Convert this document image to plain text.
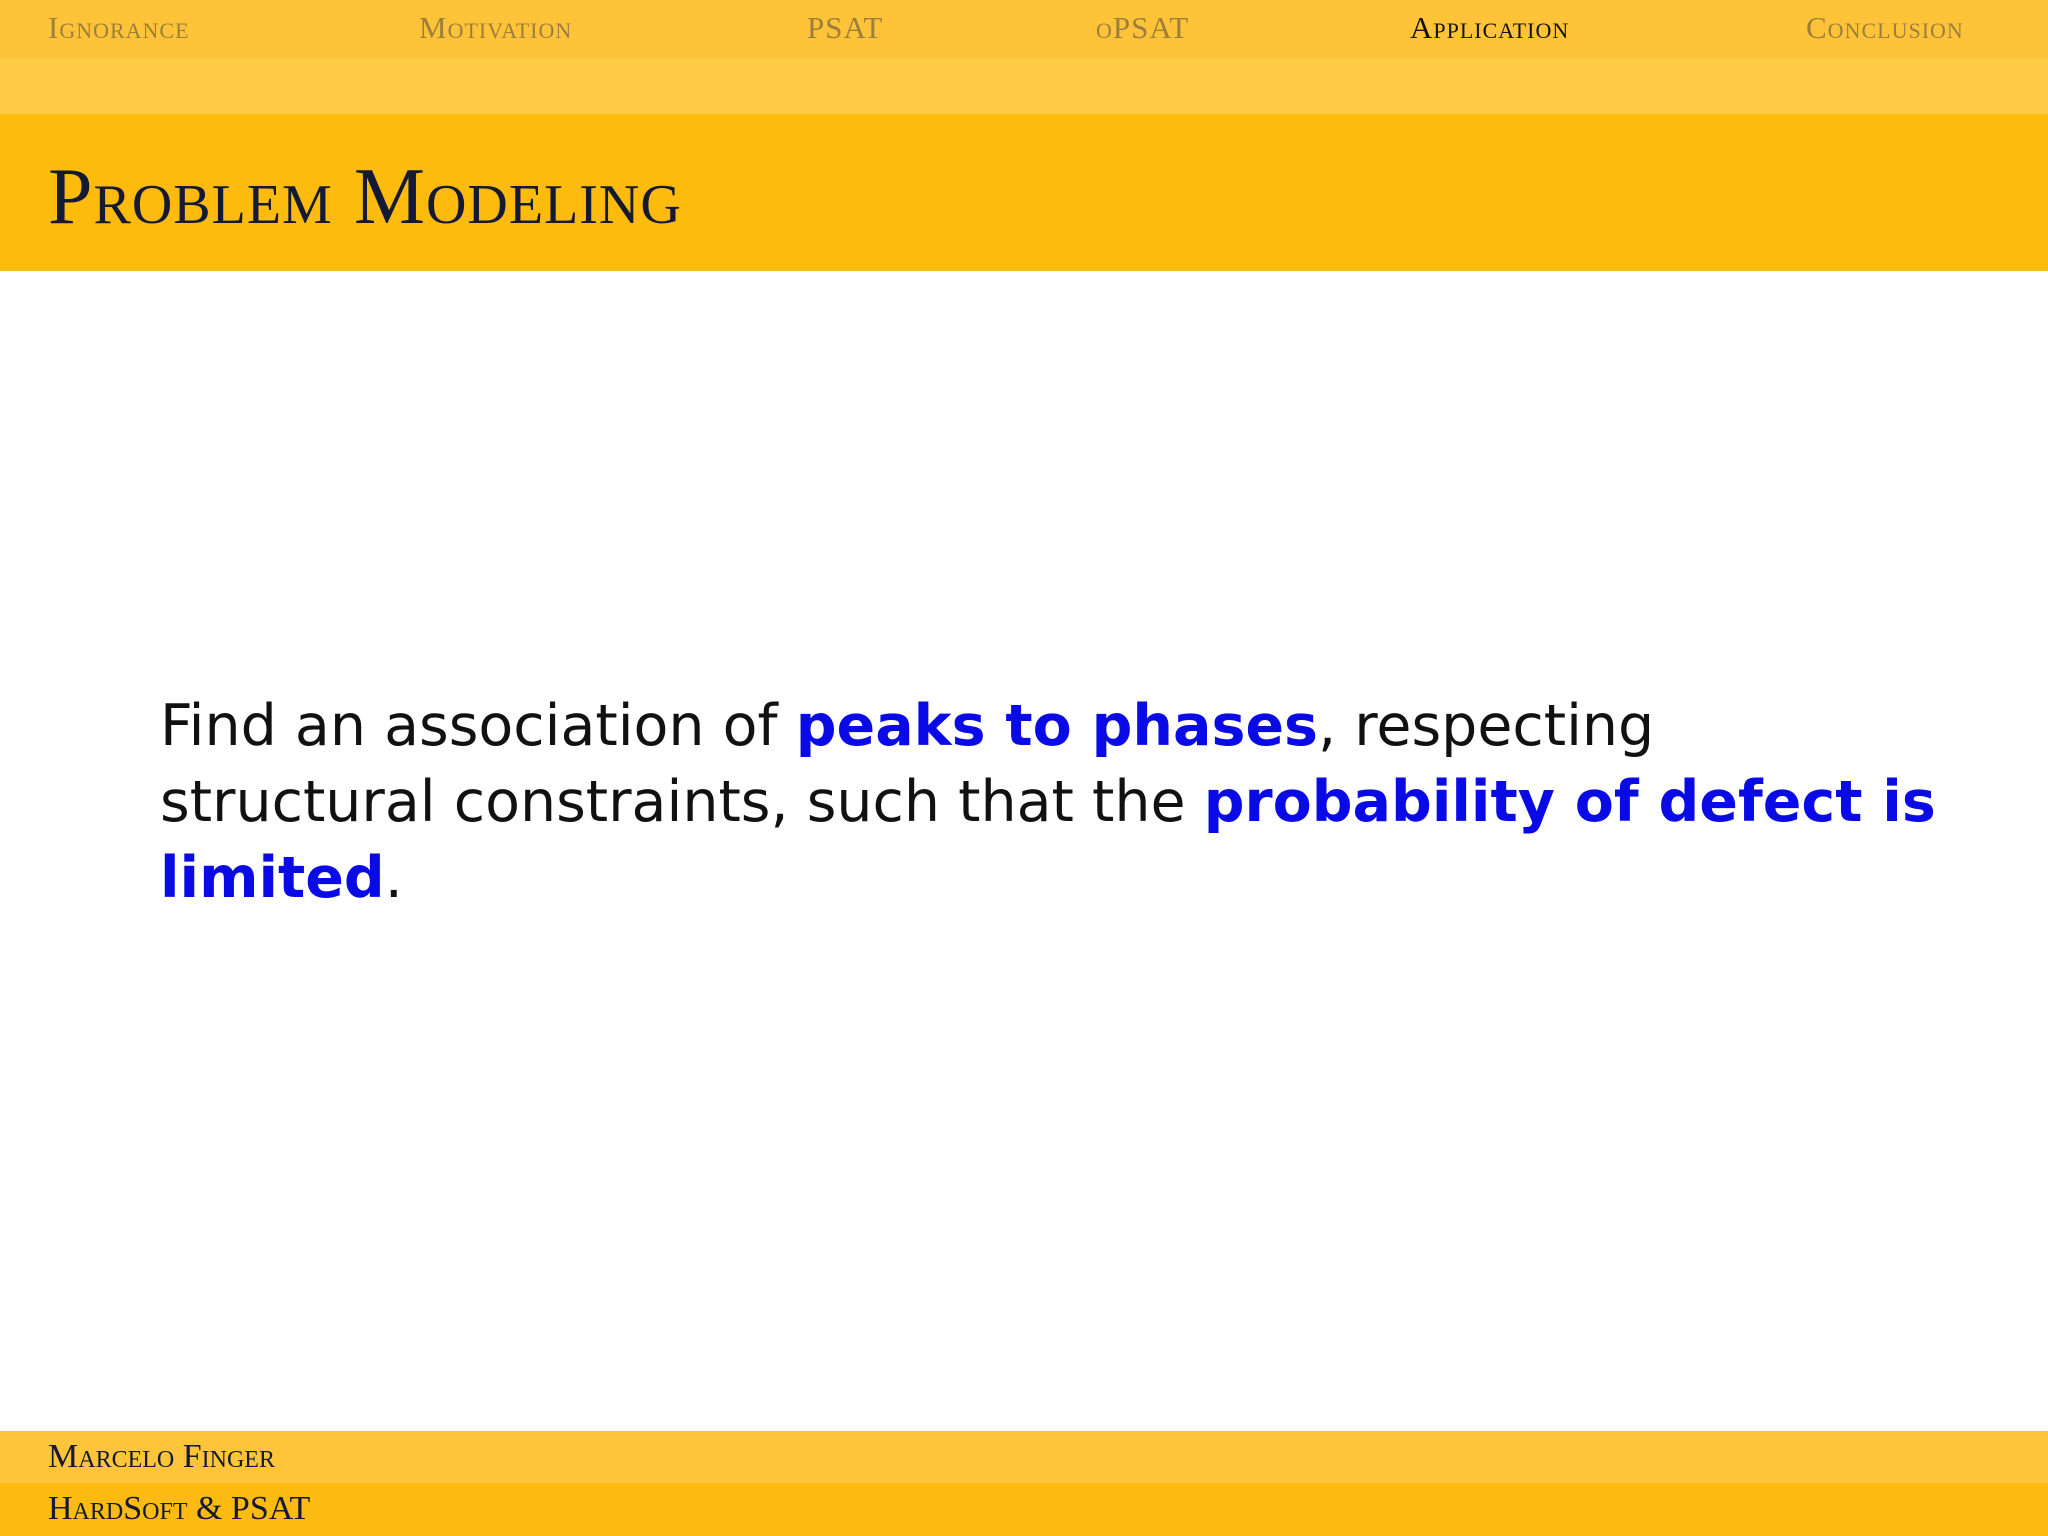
Ignorance	Motivation	PSAT	oPSAT	Application	Conclusion
Problem Modeling

Find an association of peaks to phases, respecting structural constraints, such that the probability of defect is limited.

Marcelo Finger
HardSoft & PSAT
